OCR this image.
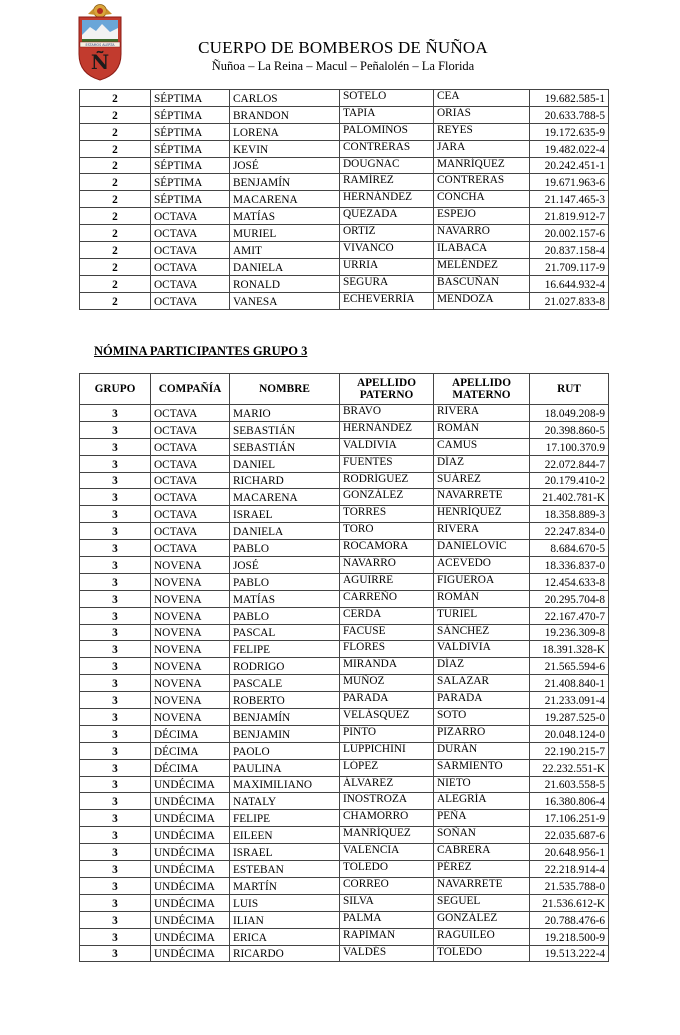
ESTAMOS ALERTA
Ñ
CUERPO DE BOMBEROS DE ÑUÑOA
Ñuñoa – La Reina – Macul – Peñalolén – La Florida
2	SÉPTIMA	CARLOS	SOTELO	CEA	19.682.585-1
2	SÉPTIMA	BRANDON	TAPIA	ORIAS	20.633.788-5
2	SÉPTIMA	LORENA	PALOMINOS	REYES	19.172.635-9
2	SÉPTIMA	KEVIN	CONTRERAS	JARA	19.482.022-4
2	SÉPTIMA	JOSÉ	DOUGNAC	MANRÍQUEZ	20.242.451-1
2	SÉPTIMA	BENJAMÍN	RAMÍREZ	CONTRERAS	19.671.963-6
2	SÉPTIMA	MACARENA	HERNÁNDEZ	CONCHA	21.147.465-3
2	OCTAVA	MATÍAS	QUEZADA	ESPEJO	21.819.912-7
2	OCTAVA	MURIEL	ORTIZ	NAVARRO	20.002.157-6
2	OCTAVA	AMIT	VIVANCO	ILABACA	20.837.158-4
2	OCTAVA	DANIELA	URRIA	MELÉNDEZ	21.709.117-9
2	OCTAVA	RONALD	SEGURA	BASCUÑAN	16.644.932-4
2	OCTAVA	VANESA	ECHEVERRÍA	MENDOZA	21.027.833-8
NÓMINA PARTICIPANTES GRUPO 3
GRUPO	COMPAÑÍA	NOMBRE	APELLIDO PATERNO	APELLIDO MATERNO	RUT
3	OCTAVA	MARIO	BRAVO	RIVERA	18.049.208-9
3	OCTAVA	SEBASTIÁN	HERNÁNDEZ	ROMÁN	20.398.860-5
3	OCTAVA	SEBASTIÁN	VALDIVIA	CAMUS	17.100.370.9
3	OCTAVA	DANIEL	FUENTES	DÍAZ	22.072.844-7
3	OCTAVA	RICHARD	RODRÍGUEZ	SUÁREZ	20.179.410-2
3	OCTAVA	MACARENA	GONZÁLEZ	NAVARRETE	21.402.781-K
3	OCTAVA	ISRAEL	TORRES	HENRÍQUEZ	18.358.889-3
3	OCTAVA	DANIELA	TORO	RIVERA	22.247.834-0
3	OCTAVA	PABLO	ROCAMORA	DANIELOVIC	8.684.670-5
3	NOVENA	JOSÉ	NAVARRO	ACEVEDO	18.336.837-0
3	NOVENA	PABLO	AGUIRRE	FIGUEROA	12.454.633-8
3	NOVENA	MATÍAS	CARREÑO	ROMÁN	20.295.704-8
3	NOVENA	PABLO	CERDA	TURIEL	22.167.470-7
3	NOVENA	PASCAL	FACUSE	SÁNCHEZ	19.236.309-8
3	NOVENA	FELIPE	FLORES	VALDIVIA	18.391.328-K
3	NOVENA	RODRIGO	MIRANDA	DÍAZ	21.565.594-6
3	NOVENA	PASCALE	MUÑOZ	SALAZAR	21.408.840-1
3	NOVENA	ROBERTO	PARADA	PARADA	21.233.091-4
3	NOVENA	BENJAMÍN	VELÁSQUEZ	SOTO	19.287.525-0
3	DÉCIMA	BENJAMIN	PINTO	PIZARRO	20.048.124-0
3	DÉCIMA	PAOLO	LUPPICHINI	DURÁN	22.190.215-7
3	DÉCIMA	PAULINA	LÓPEZ	SARMIENTO	22.232.551-K
3	UNDÉCIMA	MAXIMILIANO	ÁLVAREZ	NIETO	21.603.558-5
3	UNDÉCIMA	NATALY	INOSTROZA	ALEGRÍA	16.380.806-4
3	UNDÉCIMA	FELIPE	CHAMORRO	PEÑA	17.106.251-9
3	UNDÉCIMA	EILEEN	MANRÍQUEZ	SOÑAN	22.035.687-6
3	UNDÉCIMA	ISRAEL	VALENCIA	CABRERA	20.648.956-1
3	UNDÉCIMA	ESTEBAN	TOLEDO	PÉREZ	22.218.914-4
3	UNDÉCIMA	MARTÍN	CORREO	NAVARRETE	21.535.788-0
3	UNDÉCIMA	LUIS	SILVA	SEGUEL	21.536.612-K
3	UNDÉCIMA	ILIAN	PALMA	GONZÁLEZ	20.788.476-6
3	UNDÉCIMA	ERICA	RAPIMAN	RAGUILEO	19.218.500-9
3	UNDÉCIMA	RICARDO	VALDÉS	TOLEDO	19.513.222-4
